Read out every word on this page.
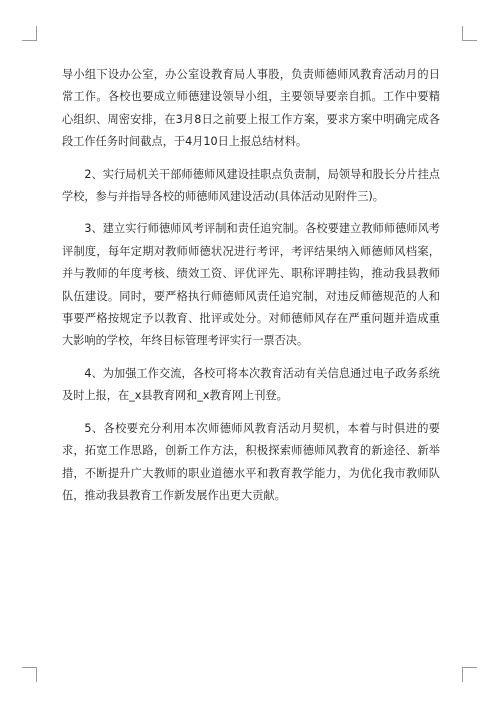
导小组下设办公室，办公室设教育局人事股，负责师德师风教育活动月的日常工作。各校也要成立师德建设领导小组，主要领导要亲自抓。工作中要精心组织、周密安排，在3月8日之前要上报工作方案，要求方案中明确完成各段工作任务时间截点，于4月10日上报总结材料。

2、实行局机关干部师德师风建设挂职点负责制，局领导和股长分片挂点学校，参与并指导各校的师德师风建设活动(具体活动见附件三)。

3、建立实行师德师风考评制和责任追究制。各校要建立教师师德师风考评制度，每年定期对教师师德状况进行考评，考评结果纳入师德师风档案，并与教师的年度考核、绩效工资、评优评先、职称评聘挂钩，推动我县教师队伍建设。同时，要严格执行师德师风责任追究制，对违反师德规范的人和事要严格按规定予以教育、批评或处分。对师德师风存在严重问题并造成重大影响的学校，年终目标管理考评实行一票否决。

4、为加强工作交流，各校可将本次教育活动有关信息通过电子政务系统及时上报，在_x县教育网和_x教育网上刊登。

5、各校要充分利用本次师德师风教育活动月契机，本着与时俱进的要求，拓宽工作思路，创新工作方法，积极探索师德师风教育的新途径、新举措，不断提升广大教师的职业道德水平和教育教学能力，为优化我市教师队伍，推动我县教育工作新发展作出更大贡献。
